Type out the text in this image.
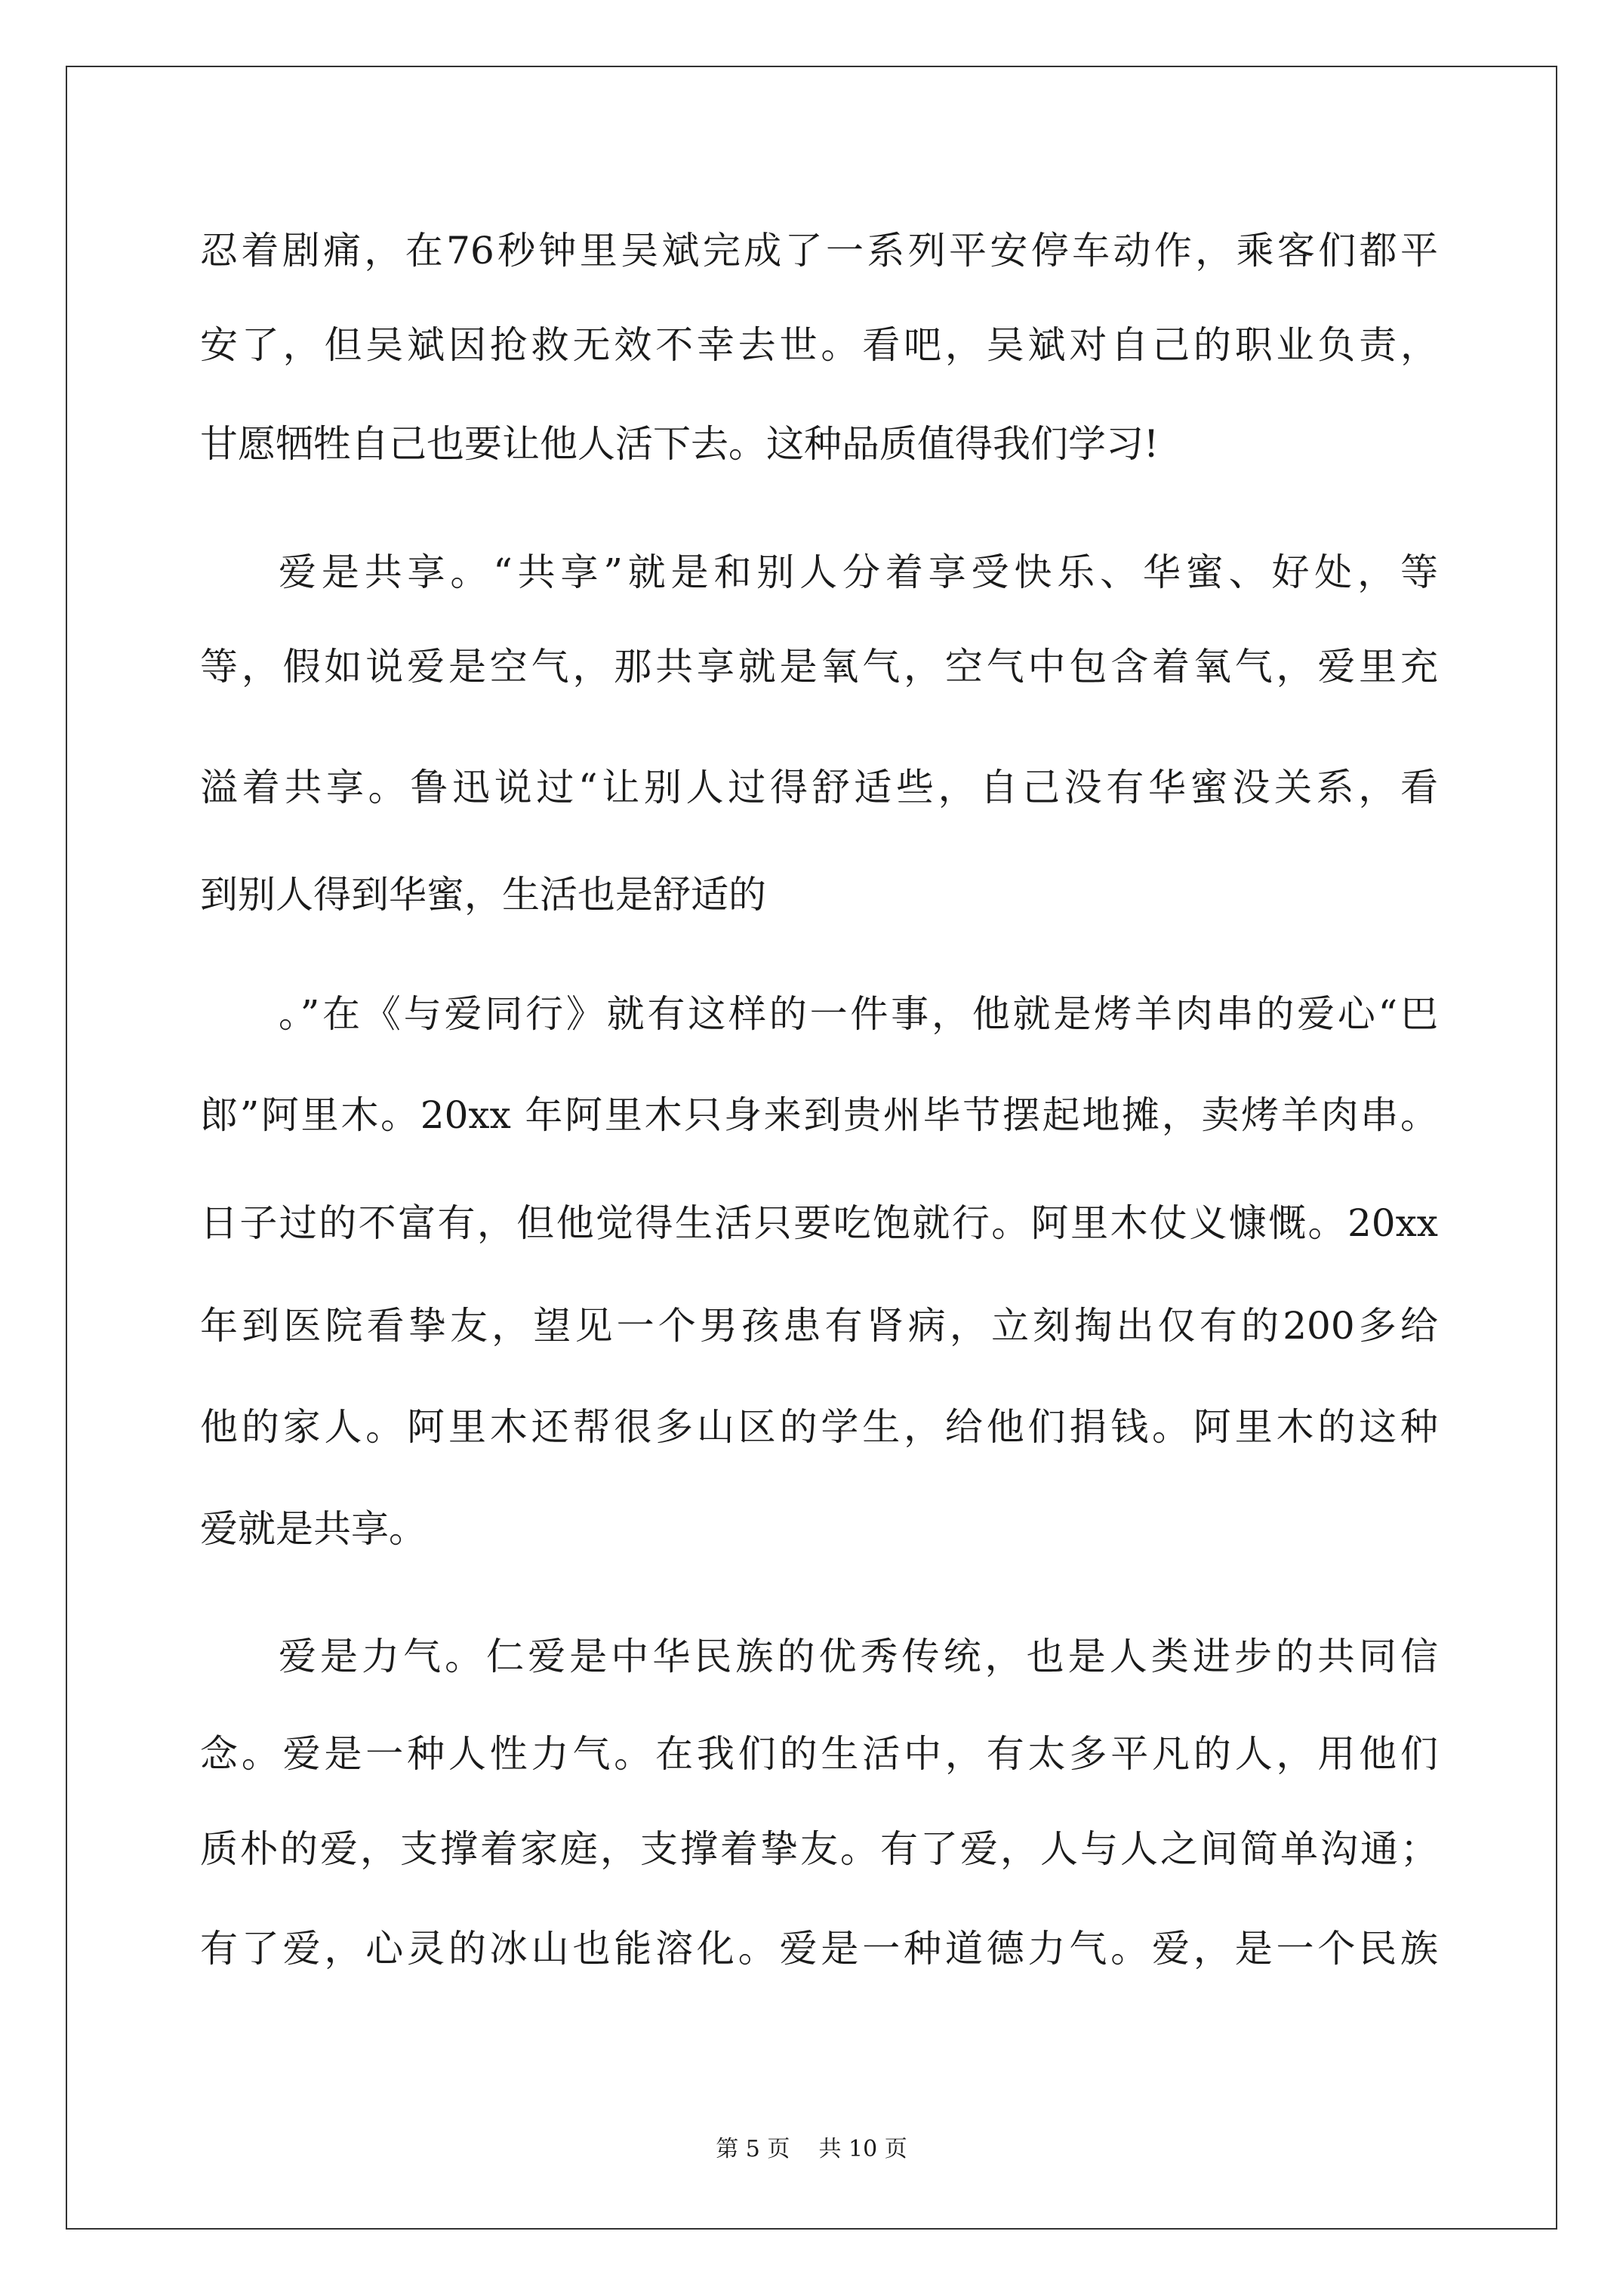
忍着剧痛，在76秒钟里吴斌完成了一系列平安停车动作，乘客们都平

安了，但吴斌因抢救无效不幸去世。看吧，吴斌对自己的职业负责，

甘愿牺牲自己也要让他人活下去。这种品质值得我们学习!

爱是共享。“共享”就是和别人分着享受快乐、华蜜、好处，等

等，假如说爱是空气，那共享就是氧气，空气中包含着氧气，爱里充

溢着共享。鲁迅说过“让别人过得舒适些，自己没有华蜜没关系，看

到别人得到华蜜，生活也是舒适的

。”在《与爱同行》就有这样的一件事，他就是烤羊肉串的爱心“巴

郎”阿里木。20xx 年阿里木只身来到贵州毕节摆起地摊，卖烤羊肉串。

日子过的不富有，但他觉得生活只要吃饱就行。阿里木仗义慷慨。20xx

年到医院看挚友，望见一个男孩患有肾病，立刻掏出仅有的200多给

他的家人。阿里木还帮很多山区的学生，给他们捐钱。阿里木的这种

爱就是共享。

爱是力气。仁爱是中华民族的优秀传统，也是人类进步的共同信

念。爱是一种人性力气。在我们的生活中，有太多平凡的人，用他们

质朴的爱，支撑着家庭，支撑着挚友。有了爱，人与人之间简单沟通；

有了爱，心灵的冰山也能溶化。爱是一种道德力气。爱，是一个民族

第 5 页    共 10 页
